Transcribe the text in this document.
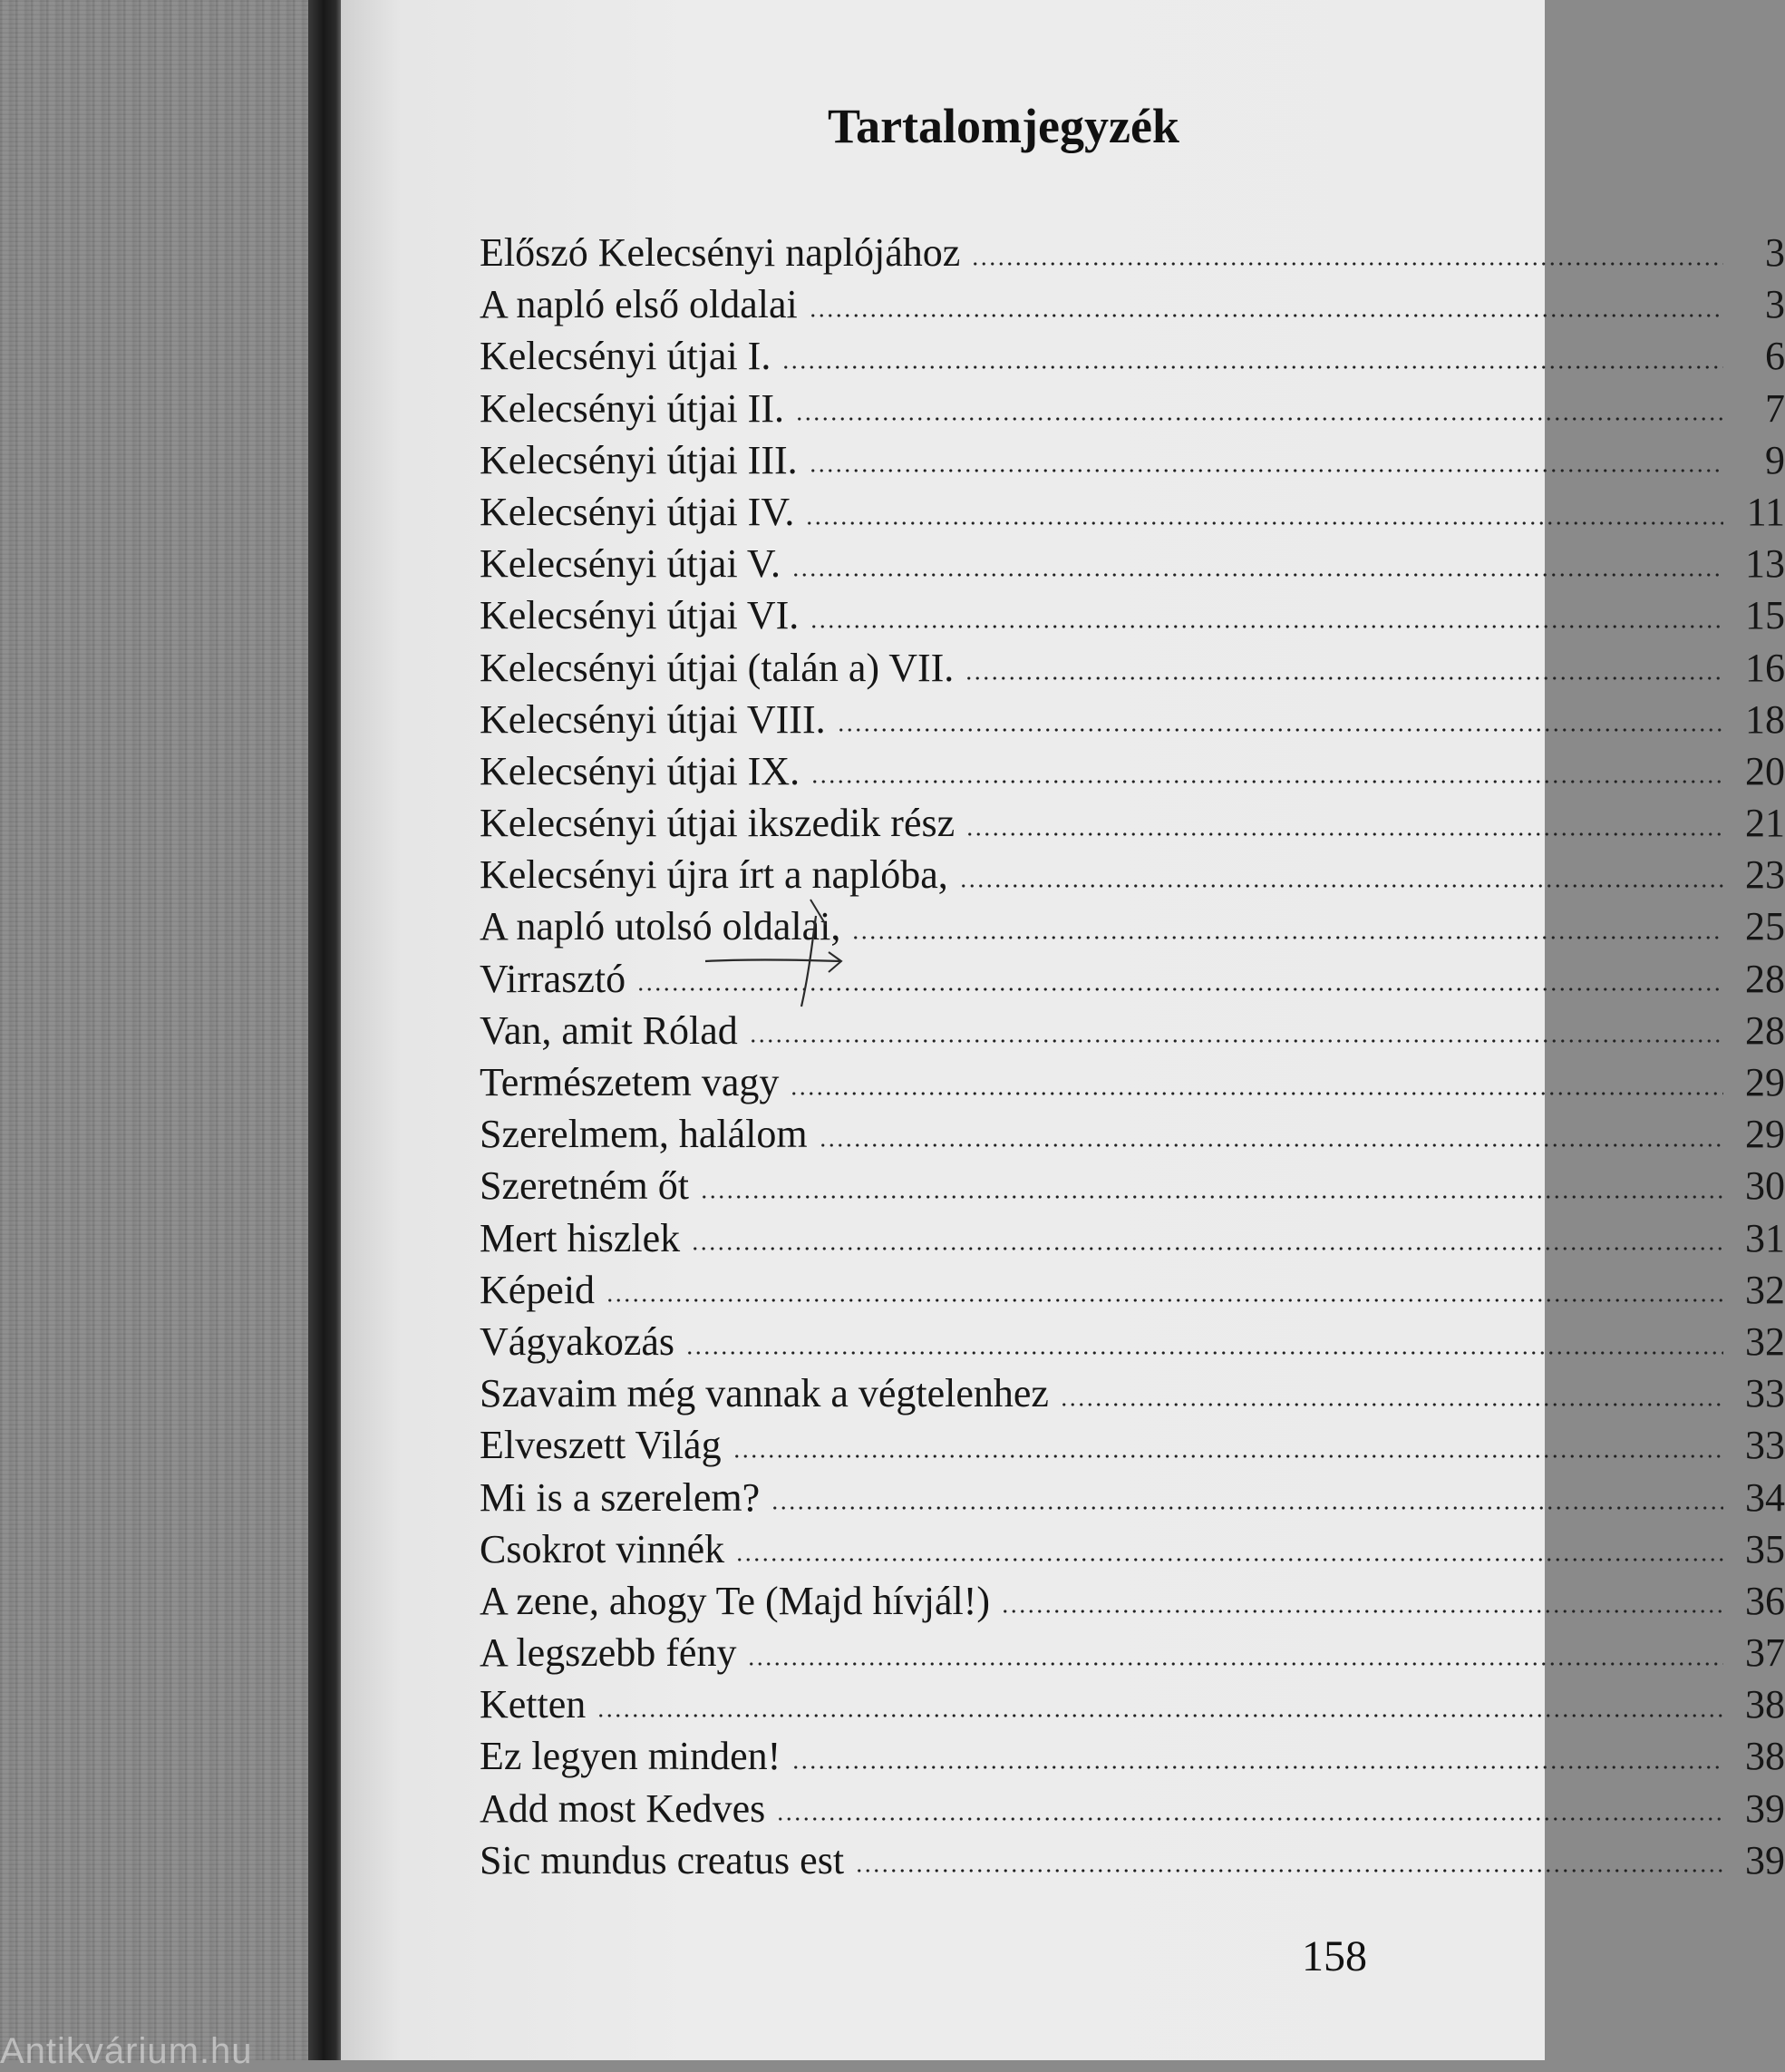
Tartalomjegyzék
Előszó Kelecsényi naplójához	3
A napló első oldalai	3
Kelecsényi útjai I.	6
Kelecsényi útjai II.	7
Kelecsényi útjai III.	9
Kelecsényi útjai IV.	11
Kelecsényi útjai V.	13
Kelecsényi útjai VI.	15
Kelecsényi útjai (talán a) VII.	16
Kelecsényi útjai VIII.	18
Kelecsényi útjai IX.	20
Kelecsényi útjai ikszedik rész	21
Kelecsényi újra írt a naplóba,	23
A napló utolsó oldalai,	25
Virrasztó	28
Van, amit Rólad	28
Természetem vagy	29
Szerelmem, halálom	29
Szeretném őt	30
Mert hiszlek	31
Képeid	32
Vágyakozás	32
Szavaim még vannak a végtelenhez	33
Elveszett Világ	33
Mi is a szerelem?	34
Csokrot vinnék	35
A zene, ahogy Te (Majd hívjál!)	36
A legszebb fény	37
Ketten	38
Ez legyen minden!	38
Add most Kedves	39
Sic mundus creatus est	39
158
Antikvárium.hu
